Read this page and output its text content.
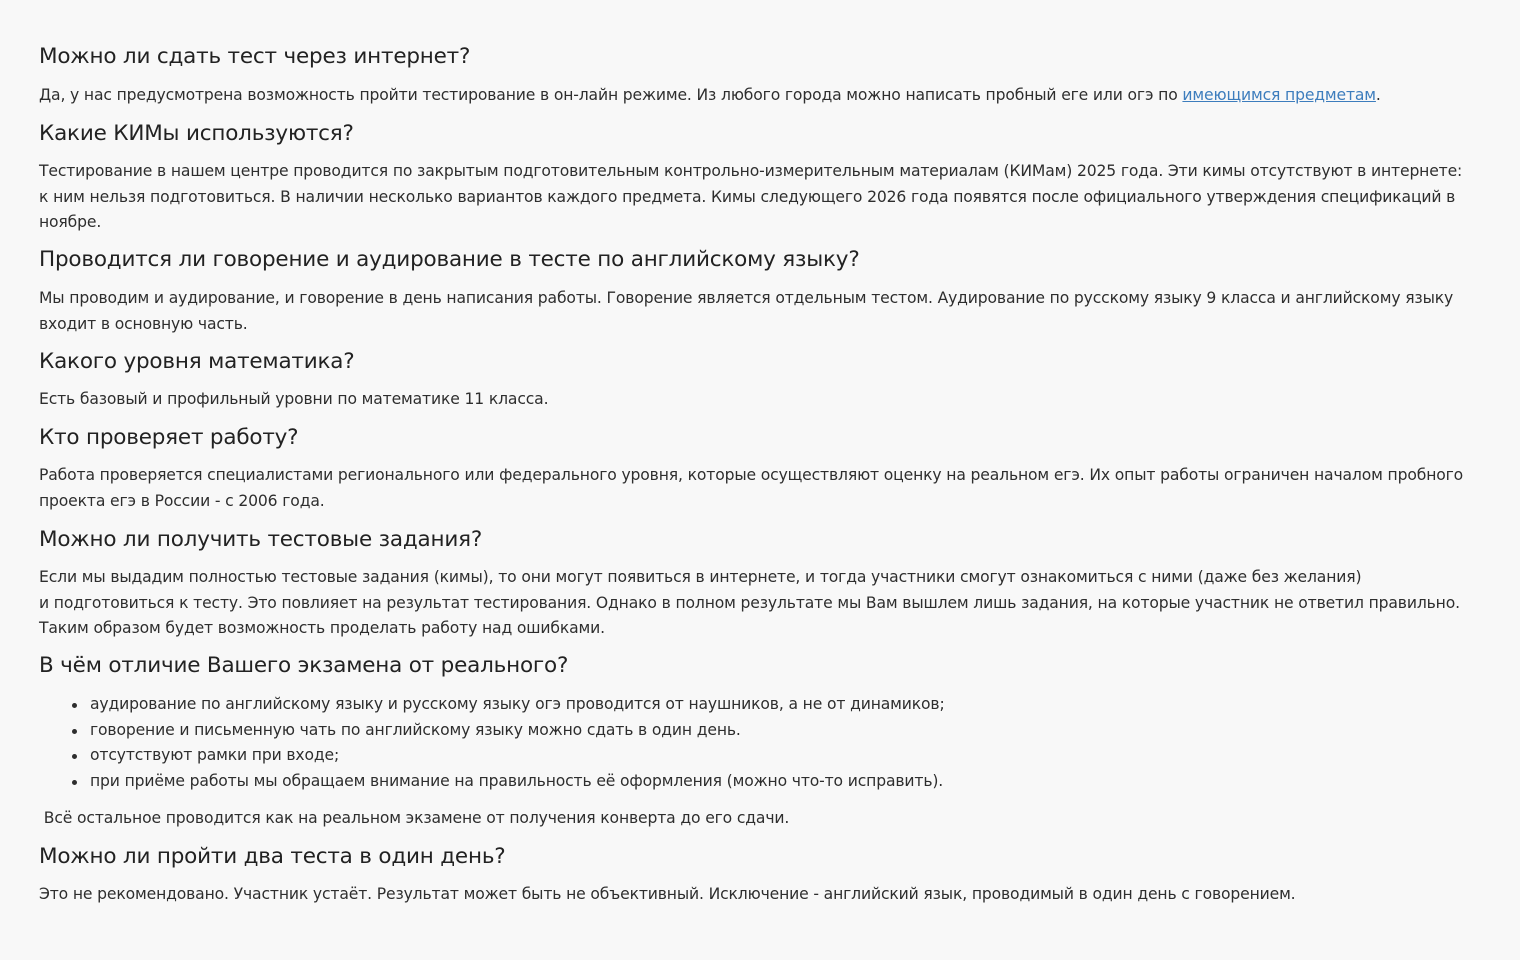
Можно ли сдать тест через интернет?

Да, у нас предусмотрена возможность пройти тестирование в он-лайн режиме. Из любого города можно написать пробный еге или огэ по имеющимся предметам.

Какие КИМы используются?

Тестирование в нашем центре проводится по закрытым подготовительным контрольно-измерительным материалам (КИМам) 2025 года. Эти кимы отсутствуют в интернете:
к ним нельзя подготовиться. В наличии несколько вариантов каждого предмета. Кимы следующего 2026 года появятся после официального утверждения спецификаций в
ноябре.

Проводится ли говорение и аудирование в тесте по английскому языку?

Мы проводим и аудирование, и говорение в день написания работы. Говорение является отдельным тестом. Аудирование по русскому языку 9 класса и английскому языку
входит в основную часть.

Какого уровня математика?

Есть базовый и профильный уровни по математике 11 класса.

Кто проверяет работу?

Работа проверяется специалистами регионального или федерального уровня, которые осуществляют оценку на реальном егэ. Их опыт работы ограничен началом пробного
проекта егэ в России - с 2006 года.

Можно ли получить тестовые задания?

Если мы выдадим полностью тестовые задания (кимы), то они могут появиться в интернете, и тогда участники смогут ознакомиться с ними (даже без желания)
и подготовиться к тесту. Это повлияет на результат тестирования. Однако в полном результате мы Вам вышлем лишь задания, на которые участник не ответил правильно.
Таким образом будет возможность проделать работу над ошибками.

В чём отличие Вашего экзамена от реального?
аудирование по английскому языку и русскому языку огэ проводится от наушников, а не от динамиков;
говорение и письменную чать по английскому языку можно сдать в один день.
отсутствуют рамки при входе;
при приёме работы мы обращаем внимание на правильность её оформления (можно что-то исправить).

Всё остальное проводится как на реальном экзамене от получения конверта до его сдачи.

Можно ли пройти два теста в один день?

Это не рекомендовано. Участник устаёт. Результат может быть не объективный. Исключение - английский язык, проводимый в один день с говорением.
